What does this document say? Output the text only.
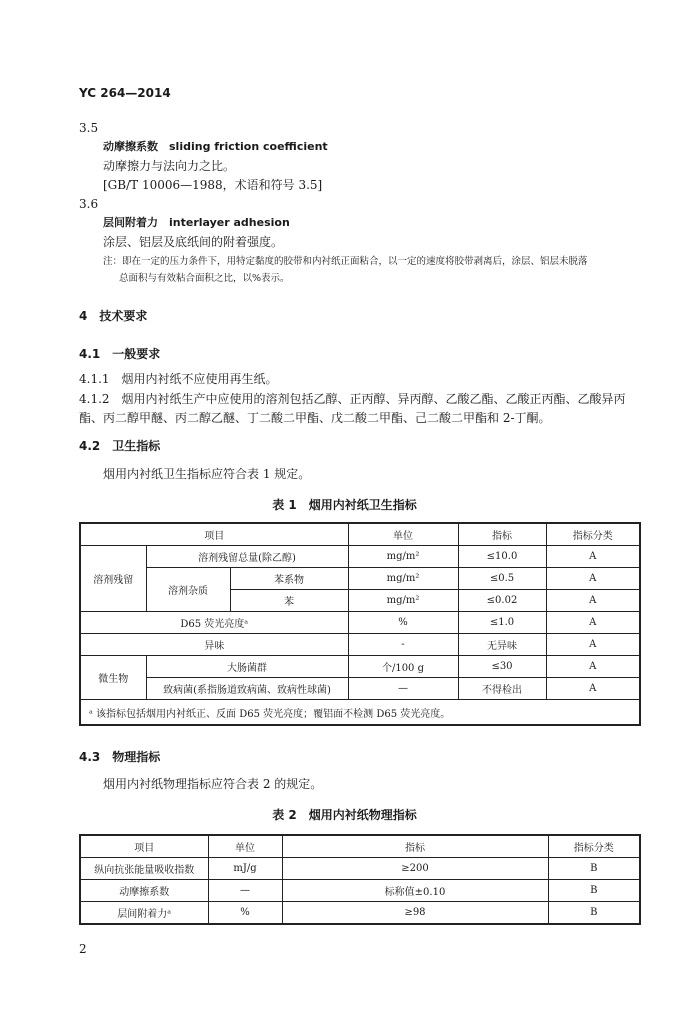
YC 264—2014
3.5
动摩擦系数　sliding friction coefficient
动摩擦力与法向力之比。
[GB/T 10006—1988，术语和符号 3.5]
3.6
层间附着力　interlayer adhesion
涂层、铝层及底纸间的附着强度。
注：即在一定的压力条件下，用特定黏度的胶带和内衬纸正面粘合，以一定的速度将胶带剥离后，涂层、铝层未脱落
总面积与有效粘合面积之比，以%表示。
4　技术要求
4.1　一般要求
4.1.1　烟用内衬纸不应使用再生纸。
4.1.2　烟用内衬纸生产中应使用的溶剂包括乙醇、正丙醇、异丙醇、乙酸乙酯、乙酸正丙酯、乙酸异丙
酯、丙二醇甲醚、丙二醇乙醚、丁二酸二甲酯、戊二酸二甲酯、己二酸二甲酯和 2-丁酮。
4.2　卫生指标
烟用内衬纸卫生指标应符合表 1 规定。
表 1　烟用内衬纸卫生指标
项目			单位	指标	指标分类
溶剂残留	溶剂残留总量(除乙醇)		mg/m²	≤10.0	A
	溶剂杂质	苯系物	mg/m²	≤0.5	A
		苯	mg/m²	≤0.02	A
D65 荧光亮度ᵃ			%	≤1.0	A
异味			-	无异味	A
微生物	大肠菌群		个/100 g	≤30	A
	致病菌(系指肠道致病菌、致病性球菌)		—	不得检出	A
ᵃ 该指标包括烟用内衬纸正、反面 D65 荧光亮度；覆铝面不检测 D65 荧光亮度。					
4.3　物理指标
烟用内衬纸物理指标应符合表 2 的规定。
表 2　烟用内衬纸物理指标
项目	单位	指标	指标分类
纵向抗张能量吸收指数	mJ/g	≥200	B
动摩擦系数	—	标称值±0.10	B
层间附着力ᵃ	%	≥98	B
2
